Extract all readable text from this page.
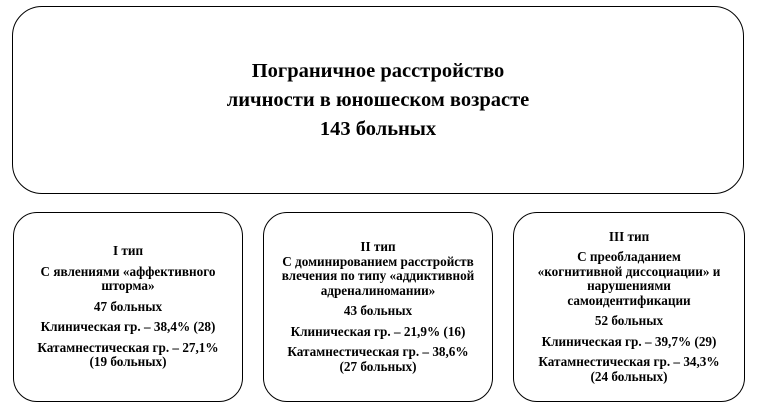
Пограничное расстройство
личности в юношеском возрасте
143 больных
I тип
С явлениями «аффективного
шторма»
47 больных
Клиническая гр. – 38,4% (28)
Катамнестическая гр. – 27,1%
(19 больных)
II тип
С доминированием расстройств
влечения по типу «аддиктивной
адреналиномании»
43 больных
Клиническая гр. – 21,9% (16)
Катамнестическая гр. – 38,6%
(27 больных)
III тип
С преобладанием
«когнитивной диссоциации» и
нарушениями
самоидентификации
52 больных
Клиническая гр. – 39,7% (29)
Катамнестическая гр. – 34,3%
(24 больных)
